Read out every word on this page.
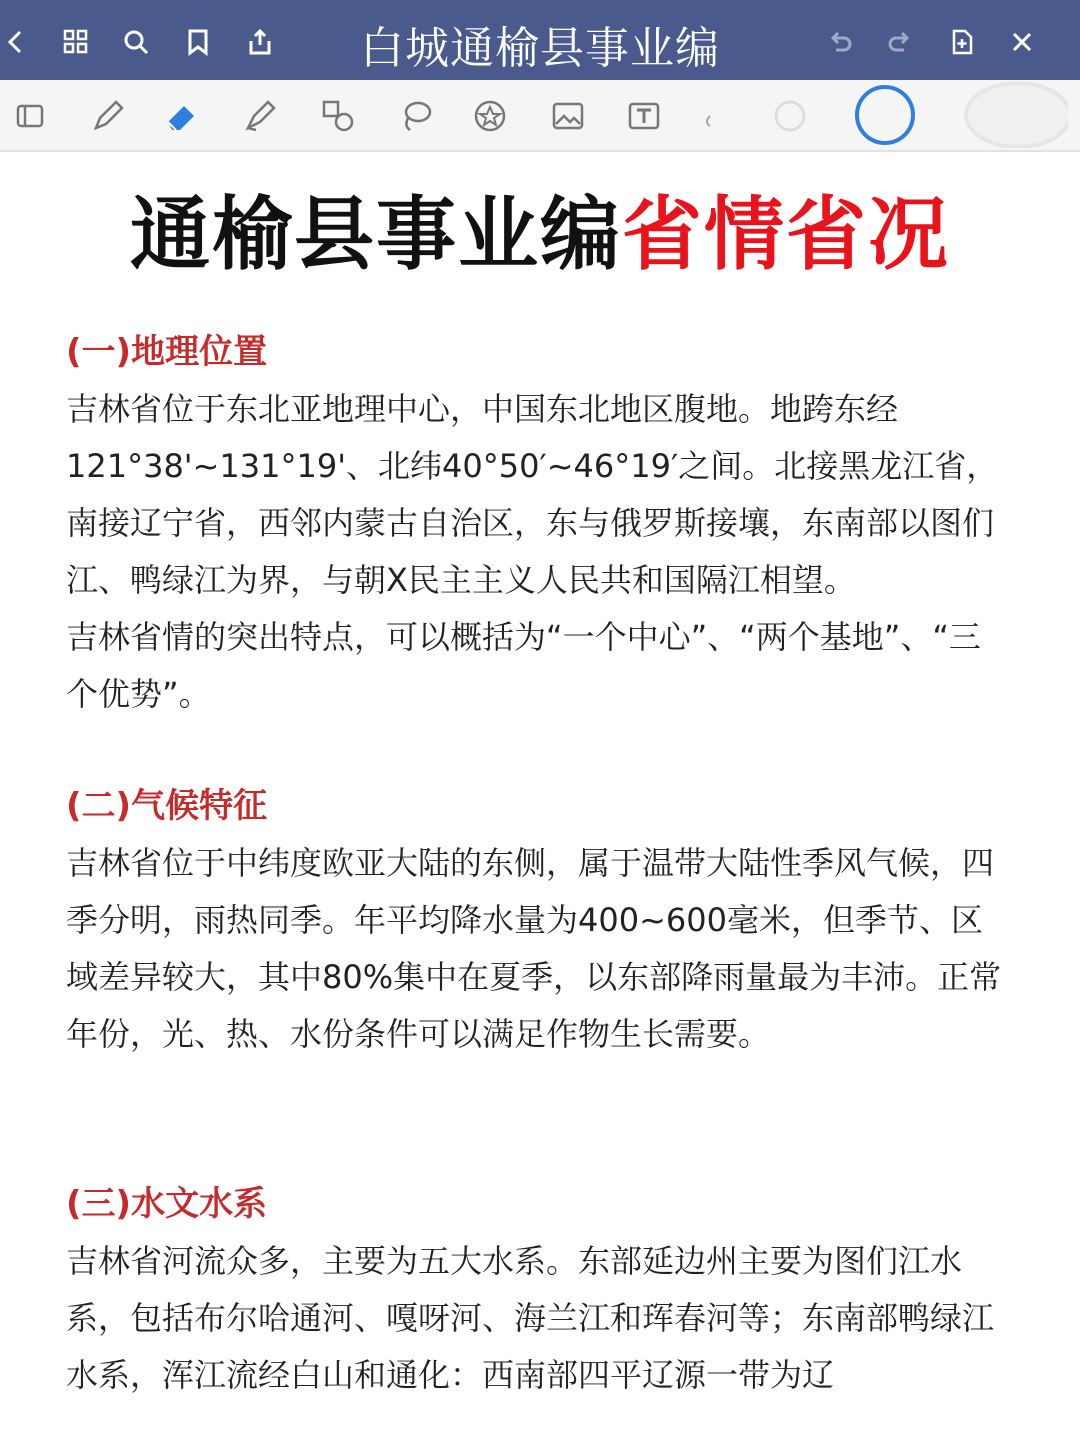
白城通榆县事业编
通榆县事业编省情省况
(一)地理位置

吉林省位于东北亚地理中心，中国东北地区腹地。地跨东经121°38'~131°19'、北纬40°50′~46°19′之间。北接黑龙江省，南接辽宁省，西邻内蒙古自治区，东与俄罗斯接壤，东南部以图们江、鸭绿江为界，与朝X民主主义人民共和国隔江相望。

吉林省情的突出特点，可以概括为“一个中心”、“两个基地”、“三个优势”。

(二)气候特征

吉林省位于中纬度欧亚大陆的东侧，属于温带大陆性季风气候，四季分明，雨热同季。年平均降水量为400~600毫米，但季节、区域差异较大，其中80%集中在夏季，以东部降雨量最为丰沛。正常年份，光、热、水份条件可以满足作物生长需要。

(三)水文水系

吉林省河流众多，主要为五大水系。东部延边州主要为图们江水系，包括布尔哈通河、嘎呀河、海兰江和珲春河等；东南部鸭绿江水系，浑江流经白山和通化：西南部四平辽源一带为辽
